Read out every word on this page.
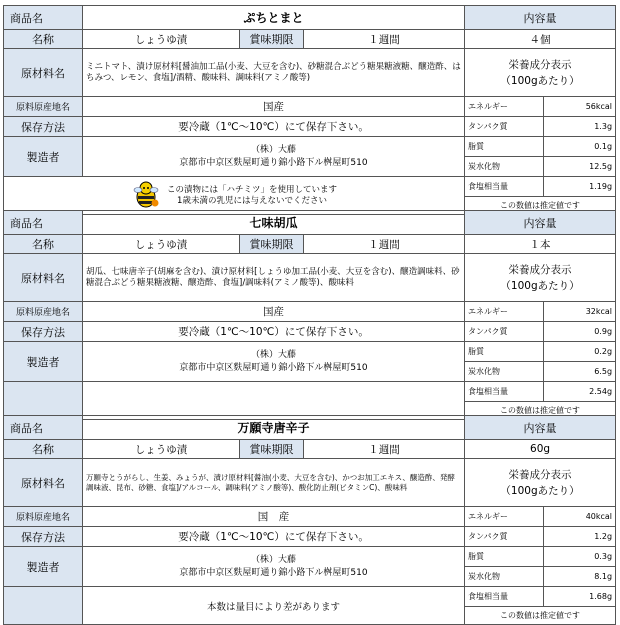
商品名	ぷちとまと			内容量	
名称	しょうゆ漬	賞味期限	１週間	４個	
原材料名	ミニトマト、漬け原材料[醤油加工品(小麦、大豆を含む)、砂糖混合ぶどう糖果糖液糖、醸造酢、はちみつ、レモン、食塩]/酒精、酸味料、調味料(アミノ酸等)			栄養成分表示
（100gあたり）	

原料原産地名	国産			エネルギー	56kcal
保存方法	要冷蔵（1℃～10℃）にて保存下さい。			タンパク質	1.3g
製造者	（株）大藤
京都市中京区麩屋町通り錦小路下ル桝屋町510			脂質	0.1g
				炭水化物	12.5g

この漬物には「ハチミツ」を使用しています
1歳未満の乳児には与えないでください				食塩相当量	1.19g
				この数値は推定値です	
商品名	七味胡瓜			内容量	
名称	しょうゆ漬	賞味期限	１週間	１本	
原材料名	胡瓜、七味唐辛子(胡麻を含む)、漬け原材料[しょうゆ加工品(小麦、大豆を含む)、醸造調味料、砂糖混合ぶどう糖果糖液糖、醸造酢、食塩]/調味料(アミノ酸等)、酸味料			栄養成分表示
（100gあたり）	

原料原産地名	国産			エネルギー	32kcal
保存方法	要冷蔵（1℃～10℃）にて保存下さい。			タンパク質	0.9g
製造者	（株）大藤
京都市中京区麩屋町通り錦小路下ル桝屋町510			脂質	0.2g
				炭水化物	6.5g
				食塩相当量	2.54g
				この数値は推定値です	
商品名	万願寺唐辛子			内容量	
名称	しょうゆ漬	賞味期限	１週間	60g	
原材料名	万願寺とうがらし、生姜、みょうが、漬け原材料[醤油(小麦、大豆を含む)、かつお加工エキス、醸造酢、発酵調味液、昆布、砂糖、食塩]/アルコール、調味料(アミノ酸等)、酸化防止剤(ビタミンC)、酸味料			栄養成分表示
（100gあたり）	

原料原産地名	国　産			エネルギー	40kcal
保存方法	要冷蔵（1℃～10℃）にて保存下さい。			タンパク質	1.2g
製造者	（株）大藤
京都市中京区麩屋町通り錦小路下ル桝屋町510			脂質	0.3g
				炭水化物	8.1g
	本数は量目により差があります			食塩相当量	1.68g
				この数値は推定値です	
